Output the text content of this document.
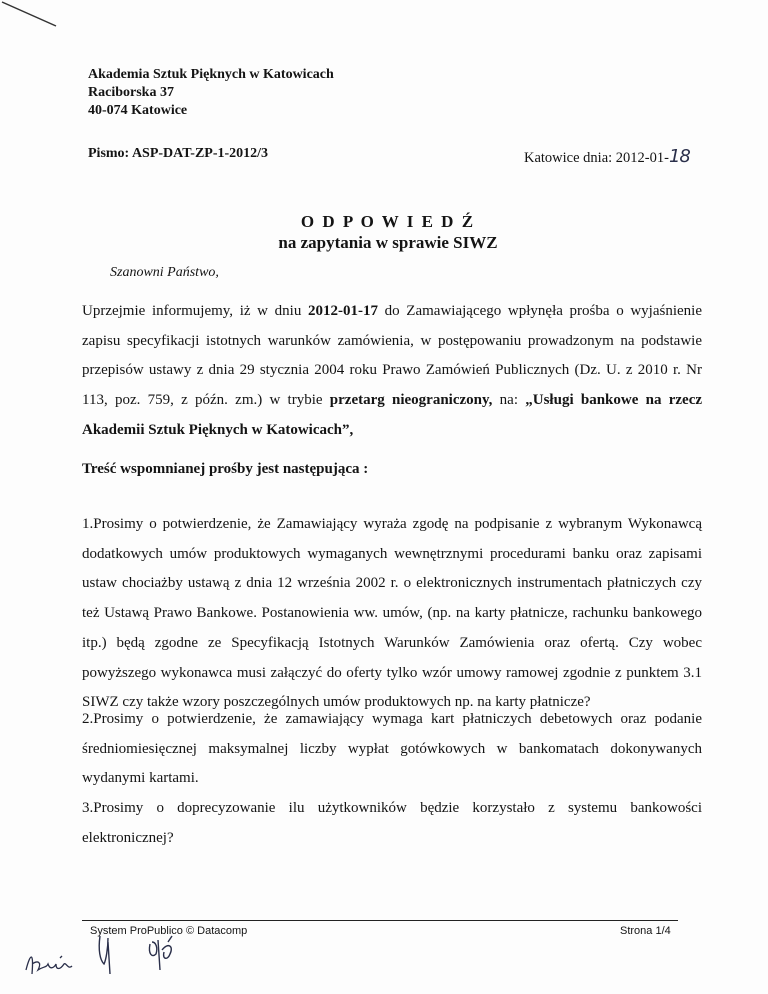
Akademia Sztuk Pięknych w Katowicach
Raciborska 37
40-074 Katowice
Pismo: ASP-DAT-ZP-1-2012/3	Katowice dnia: 2012-01-18
O D P O W I E D Ź
na zapytania w sprawie SIWZ
Szanowni Państwo,
Uprzejmie informujemy, iż w dniu 2012-01-17 do Zamawiającego wpłynęła prośba o wyjaśnienie zapisu specyfikacji istotnych warunków zamówienia, w postępowaniu prowadzonym na podstawie przepisów ustawy z dnia 29 stycznia 2004 roku Prawo Zamówień Publicznych (Dz. U. z 2010 r. Nr 113, poz. 759, z późn. zm.) w trybie przetarg nieograniczony, na: „Usługi bankowe na rzecz Akademii Sztuk Pięknych w Katowicach”,
Treść wspomnianej prośby jest następująca :
1.Prosimy o potwierdzenie, że Zamawiający wyraża zgodę na podpisanie z wybranym Wykonawcą dodatkowych umów produktowych wymaganych wewnętrznymi procedurami banku oraz zapisami ustaw chociażby ustawą z dnia 12 września 2002 r. o elektronicznych instrumentach płatniczych czy też Ustawą Prawo Bankowe. Postanowienia ww. umów, (np. na karty płatnicze, rachunku bankowego itp.) będą zgodne ze Specyfikacją Istotnych Warunków Zamówienia oraz ofertą. Czy wobec powyższego wykonawca musi załączyć do oferty tylko wzór umowy ramowej zgodnie z punktem 3.1 SIWZ czy także wzory poszczególnych umów produktowych np. na karty płatnicze?
2.Prosimy o potwierdzenie, że zamawiający wymaga kart płatniczych debetowych oraz podanie średniomiesięcznej maksymalnej liczby wypłat gotówkowych w bankomatach dokonywanych wydanymi kartami.
3.Prosimy o doprecyzowanie ilu użytkowników będzie korzystało z systemu bankowości elektronicznej?
System ProPublico © Datacomp	Strona 1/4
